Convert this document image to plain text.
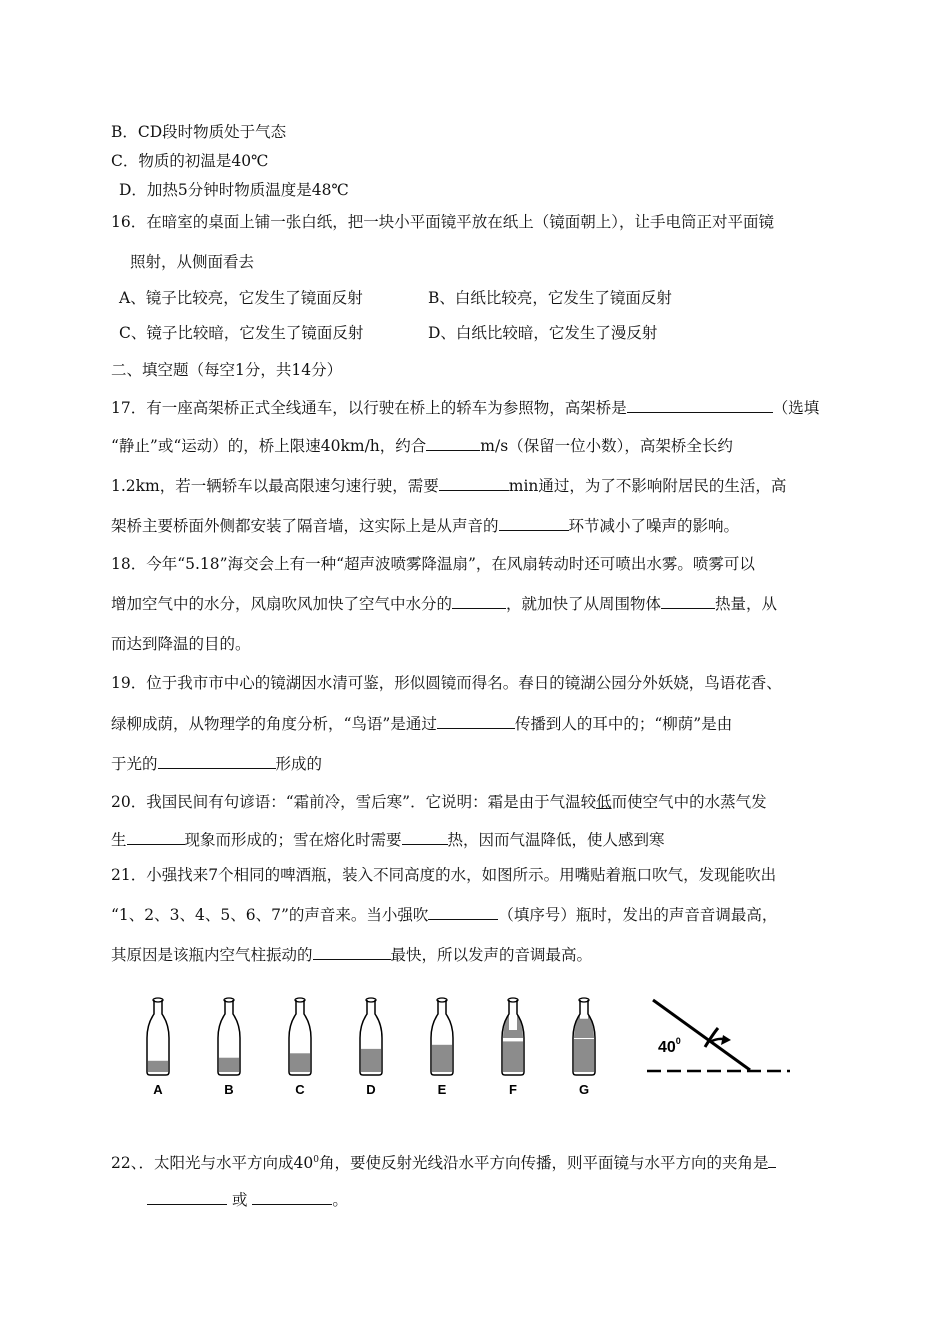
B．CD段时物质处于气态
C．物质的初温是40℃
D．加热5分钟时物质温度是48℃
16．在暗室的桌面上铺一张白纸，把一块小平面镜平放在纸上（镜面朝上），让手电筒正对平面镜
照射，从侧面看去
A、镜子比较亮，它发生了镜面反射	B、白纸比较亮，它发生了镜面反射
C、镜子比较暗，它发生了镜面反射	D、白纸比较暗，它发生了漫反射
二、填空题（每空1分，共14分）
17．有一座高架桥正式全线通车，以行驶在桥上的轿车为参照物，高架桥是	（选填
“静止”或“运动）的，桥上限速40km/h，约合	m/s（保留一位小数），高架桥全长约
1.2km，若一辆轿车以最高限速匀速行驶，需要	min通过，为了不影响附居民的生活，高
架桥主要桥面外侧都安装了隔音墙，这实际上是从声音的	环节减小了噪声的影响。
18．今年“5.18”海交会上有一种“超声波喷雾降温扇”，在风扇转动时还可喷出水雾。喷雾可以
增加空气中的水分，风扇吹风加快了空气中水分的	，就加快了从周围物体	热量，从
而达到降温的目的。
19．位于我市市中心的镜湖因水清可鉴，形似圆镜而得名。春日的镜湖公园分外妖娆，鸟语花香、
绿柳成荫，从物理学的角度分析，“鸟语”是通过	传播到人的耳中的；“柳荫”是由
于光的	形成的
20．我国民间有句谚语：“霜前冷，雪后寒”．它说明：霜是由于气温较低而使空气中的水蒸气发
生	现象而形成的；雪在熔化时需要	热，因而气温降低，使人感到寒
21．小强找来7个相同的啤酒瓶，装入不同高度的水，如图所示。用嘴贴着瓶口吹气，发现能吹出
“1、2、3、4、5、6、7”的声音来。当小强吹	（填序号）瓶时，发出的声音音调最高，
其原因是该瓶内空气柱振动的	最快，所以发声的音调最高。
A	B	C	D	E	F	G
$40^0$
22、．太阳光与水平方向成$40^0$角，要使反射光线沿水平方向传播，则平面镜与水平方向的夹角是
或	。
